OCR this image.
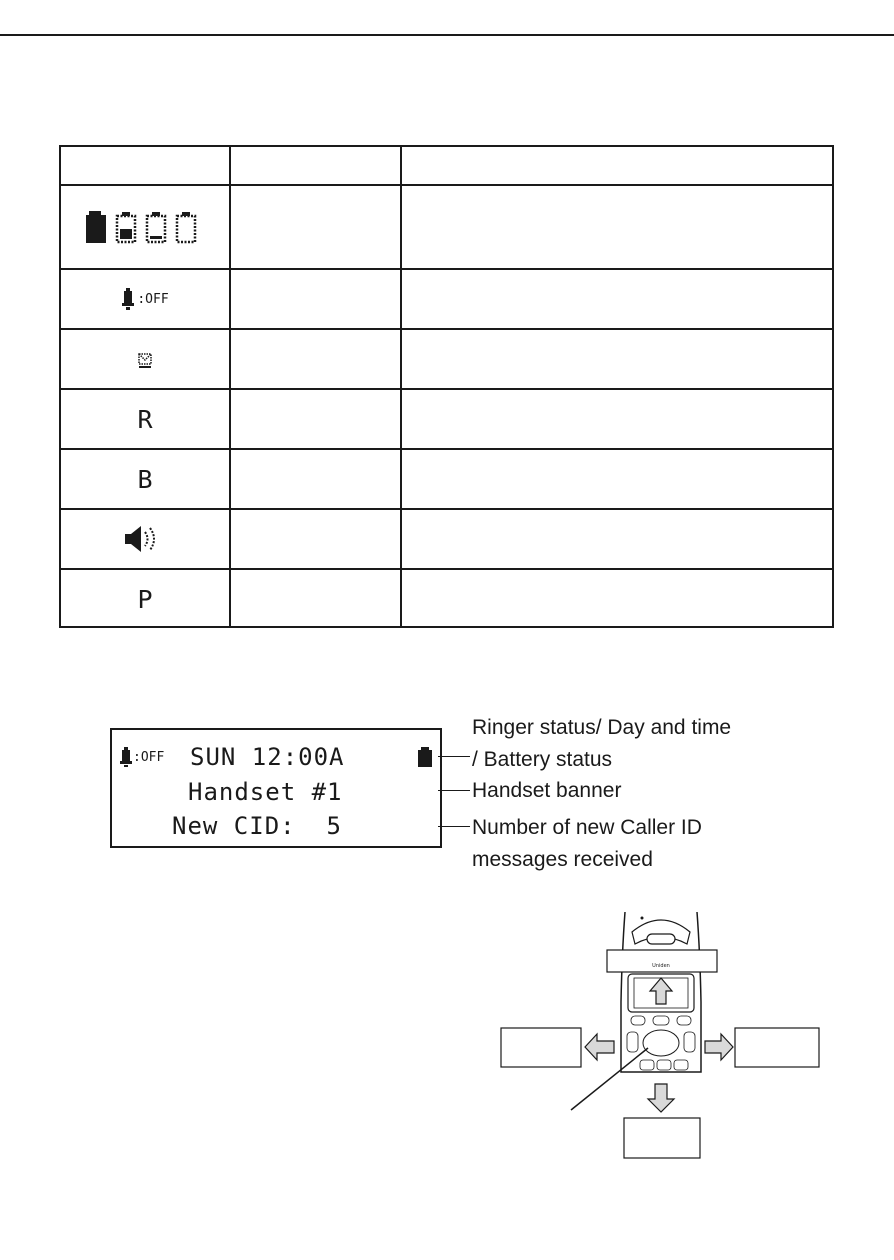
:OFF
R
B
P
:OFF SUN 12:00A
Handset #1
New CID:  5
Ringer status/ Day and time
/ Battery status
Handset banner
Number of new Caller ID
messages received
Uniden
